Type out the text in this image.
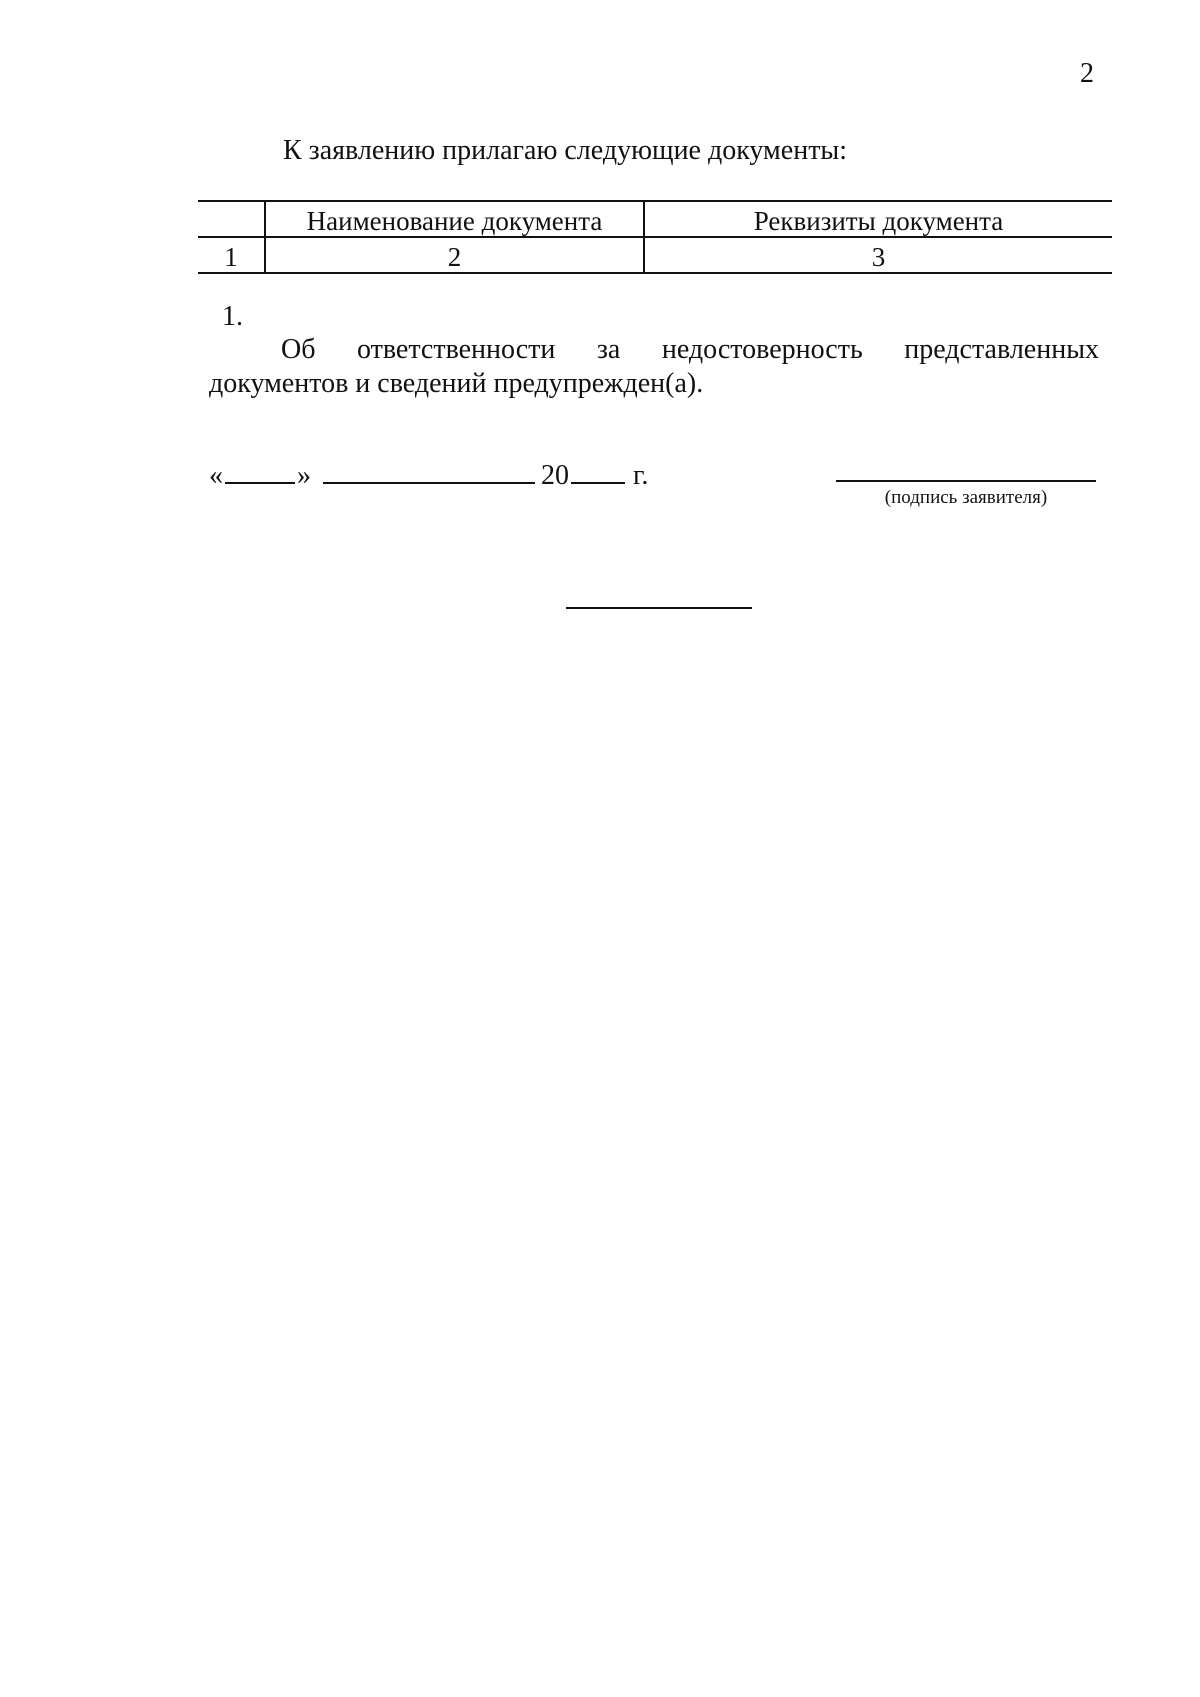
2
К заявлению прилагаю следующие документы:
	Наименование документа	Реквизиты документа
1	2	3
1.
Об ответственности за недостоверность представленных документов и сведений предупрежден(а).
«	»	20 г.
(подпись заявителя)
